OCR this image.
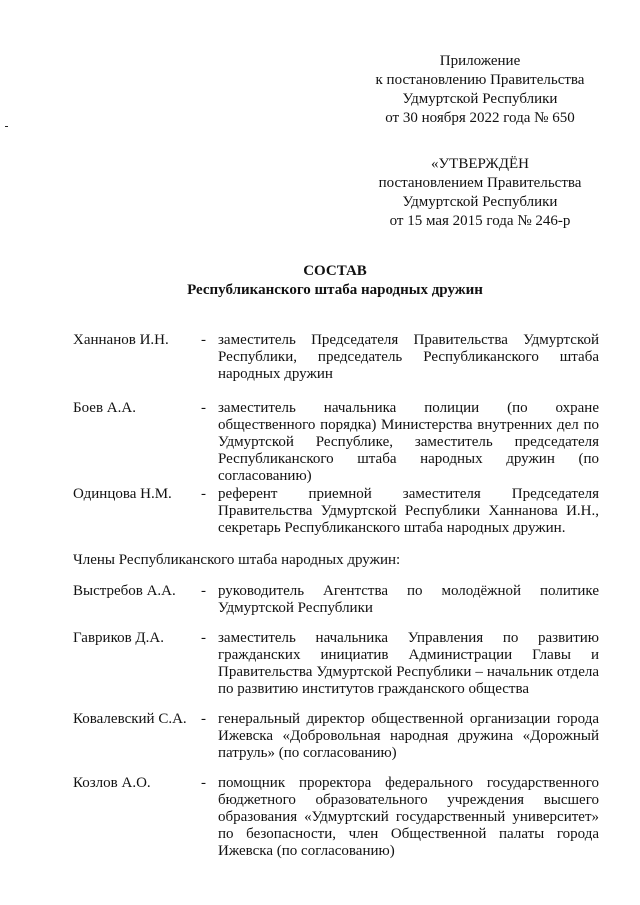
Приложение
к постановлению Правительства
Удмуртской Республики
от 30 ноября 2022 года № 650
«УТВЕРЖДЁН
постановлением Правительства
Удмуртской Республики
от 15 мая 2015 года № 246-р
СОСТАВ
Республиканского штаба народных дружин
Ханнанов И.Н.	- заместитель Председателя Правительства Удмуртской Республики, председатель Республиканского штаба народных дружин
Боев А.А.	- заместитель начальника полиции (по охране общественного порядка) Министерства внутренних дел по Удмуртской Республике, заместитель председателя Республиканского штаба народных дружин (по согласованию)
Одинцова Н.М.	- референт приемной заместителя Председателя Правительства Удмуртской Республики Ханнанова И.Н., секретарь Республиканского штаба народных дружин.
Члены Республиканского штаба народных дружин:
Выстребов А.А.	- руководитель Агентства по молодёжной политике Удмуртской Республики
Гавриков Д.А.	- заместитель начальника Управления по развитию гражданских инициатив Администрации Главы и Правительства Удмуртской Республики – начальник отдела по развитию институтов гражданского общества
Ковалевский С.А. - генеральный директор общественной организации города Ижевска «Добровольная народная дружина «Дорожный патруль» (по согласованию)
Козлов А.О.	- помощник проректора федерального государственного бюджетного образовательного учреждения высшего образования «Удмуртский государственный университет» по безопасности, член Общественной палаты города Ижевска (по согласованию)
